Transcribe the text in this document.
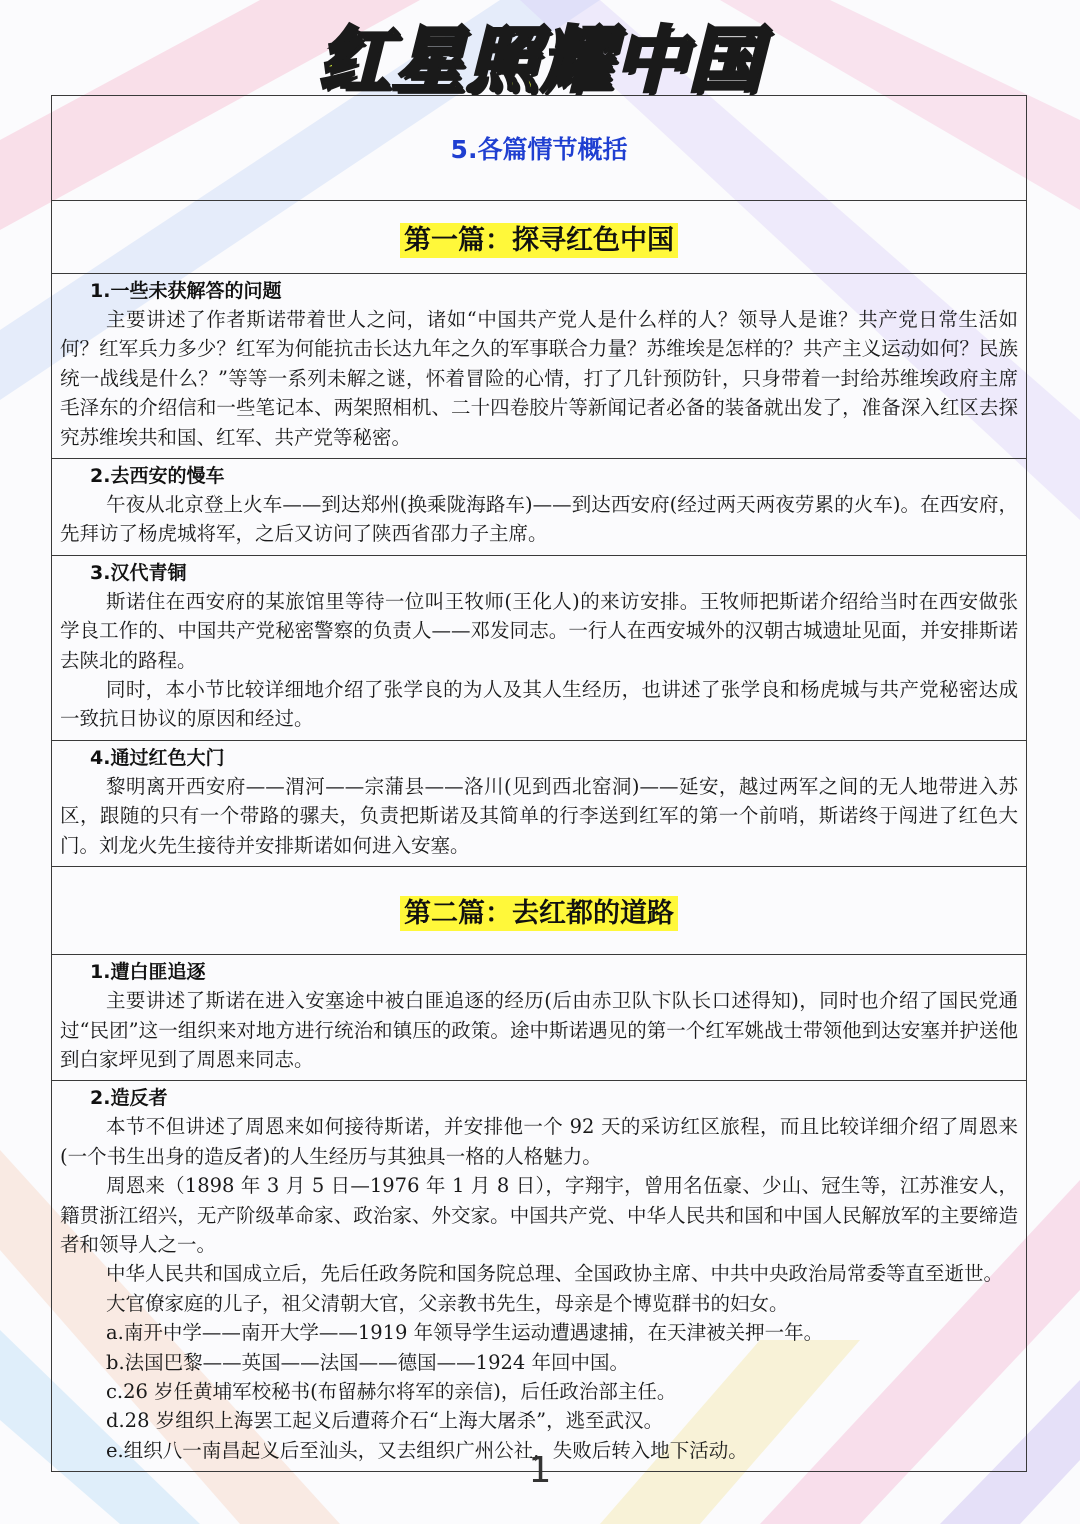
红星照耀中国
5.各篇情节概括
第一篇：探寻红色中国

1.一些未获解答的问题

主要讲述了作者斯诺带着世人之问，诸如“中国共产党人是什么样的人？领导人是谁？共产党日常生活如何？红军兵力多少？红军为何能抗击长达九年之久的军事联合力量？苏维埃是怎样的？共产主义运动如何？民族统一战线是什么？”等等一系列未解之谜，怀着冒险的心情，打了几针预防针，只身带着一封给苏维埃政府主席毛泽东的介绍信和一些笔记本、两架照相机、二十四卷胶片等新闻记者必备的装备就出发了，准备深入红区去探究苏维埃共和国、红军、共产党等秘密。

2.去西安的慢车

午夜从北京登上火车——到达郑州(换乘陇海路车)——到达西安府(经过两天两夜劳累的火车)。在西安府，先拜访了杨虎城将军，之后又访问了陕西省邵力子主席。

3.汉代青铜

斯诺住在西安府的某旅馆里等待一位叫王牧师(王化人)的来访安排。王牧师把斯诺介绍给当时在西安做张学良工作的、中国共产党秘密警察的负责人——邓发同志。一行人在西安城外的汉朝古城遗址见面，并安排斯诺去陕北的路程。

同时，本小节比较详细地介绍了张学良的为人及其人生经历，也讲述了张学良和杨虎城与共产党秘密达成一致抗日协议的原因和经过。

4.通过红色大门

黎明离开西安府——渭河——宗蒲县——洛川(见到西北窑洞)——延安，越过两军之间的无人地带进入苏区，跟随的只有一个带路的骡夫，负责把斯诺及其简单的行李送到红军的第一个前哨，斯诺终于闯进了红色大门。刘龙火先生接待并安排斯诺如何进入安塞。

第二篇：去红都的道路

1.遭白匪追逐

主要讲述了斯诺在进入安塞途中被白匪追逐的经历(后由赤卫队卞队长口述得知)，同时也介绍了国民党通过“民团”这一组织来对地方进行统治和镇压的政策。途中斯诺遇见的第一个红军姚战士带领他到达安塞并护送他到白家坪见到了周恩来同志。

2.造反者

本节不但讲述了周恩来如何接待斯诺，并安排他一个 92 天的采访红区旅程，而且比较详细介绍了周恩来(一个书生出身的造反者)的人生经历与其独具一格的人格魅力。

周恩来（1898 年 3 月 5 日—1976 年 1 月 8 日），字翔宇，曾用名伍豪、少山、冠生等，江苏淮安人，籍贯浙江绍兴，无产阶级革命家、政治家、外交家。中国共产党、中华人民共和国和中国人民解放军的主要缔造者和领导人之一。

中华人民共和国成立后，先后任政务院和国务院总理、全国政协主席、中共中央政治局常委等直至逝世。

大官僚家庭的儿子，祖父清朝大官，父亲教书先生，母亲是个博览群书的妇女。

a.南开中学——南开大学——1919 年领导学生运动遭遇逮捕，在天津被关押一年。

b.法国巴黎——英国——法国——德国——1924 年回中国。

c.26 岁任黄埔军校秘书(布留赫尔将军的亲信)，后任政治部主任。

d.28 岁组织上海罢工起义后遭蒋介石“上海大屠杀”，逃至武汉。

e.组织八一南昌起义后至汕头，又去组织广州公社，失败后转入地下活动。

1
